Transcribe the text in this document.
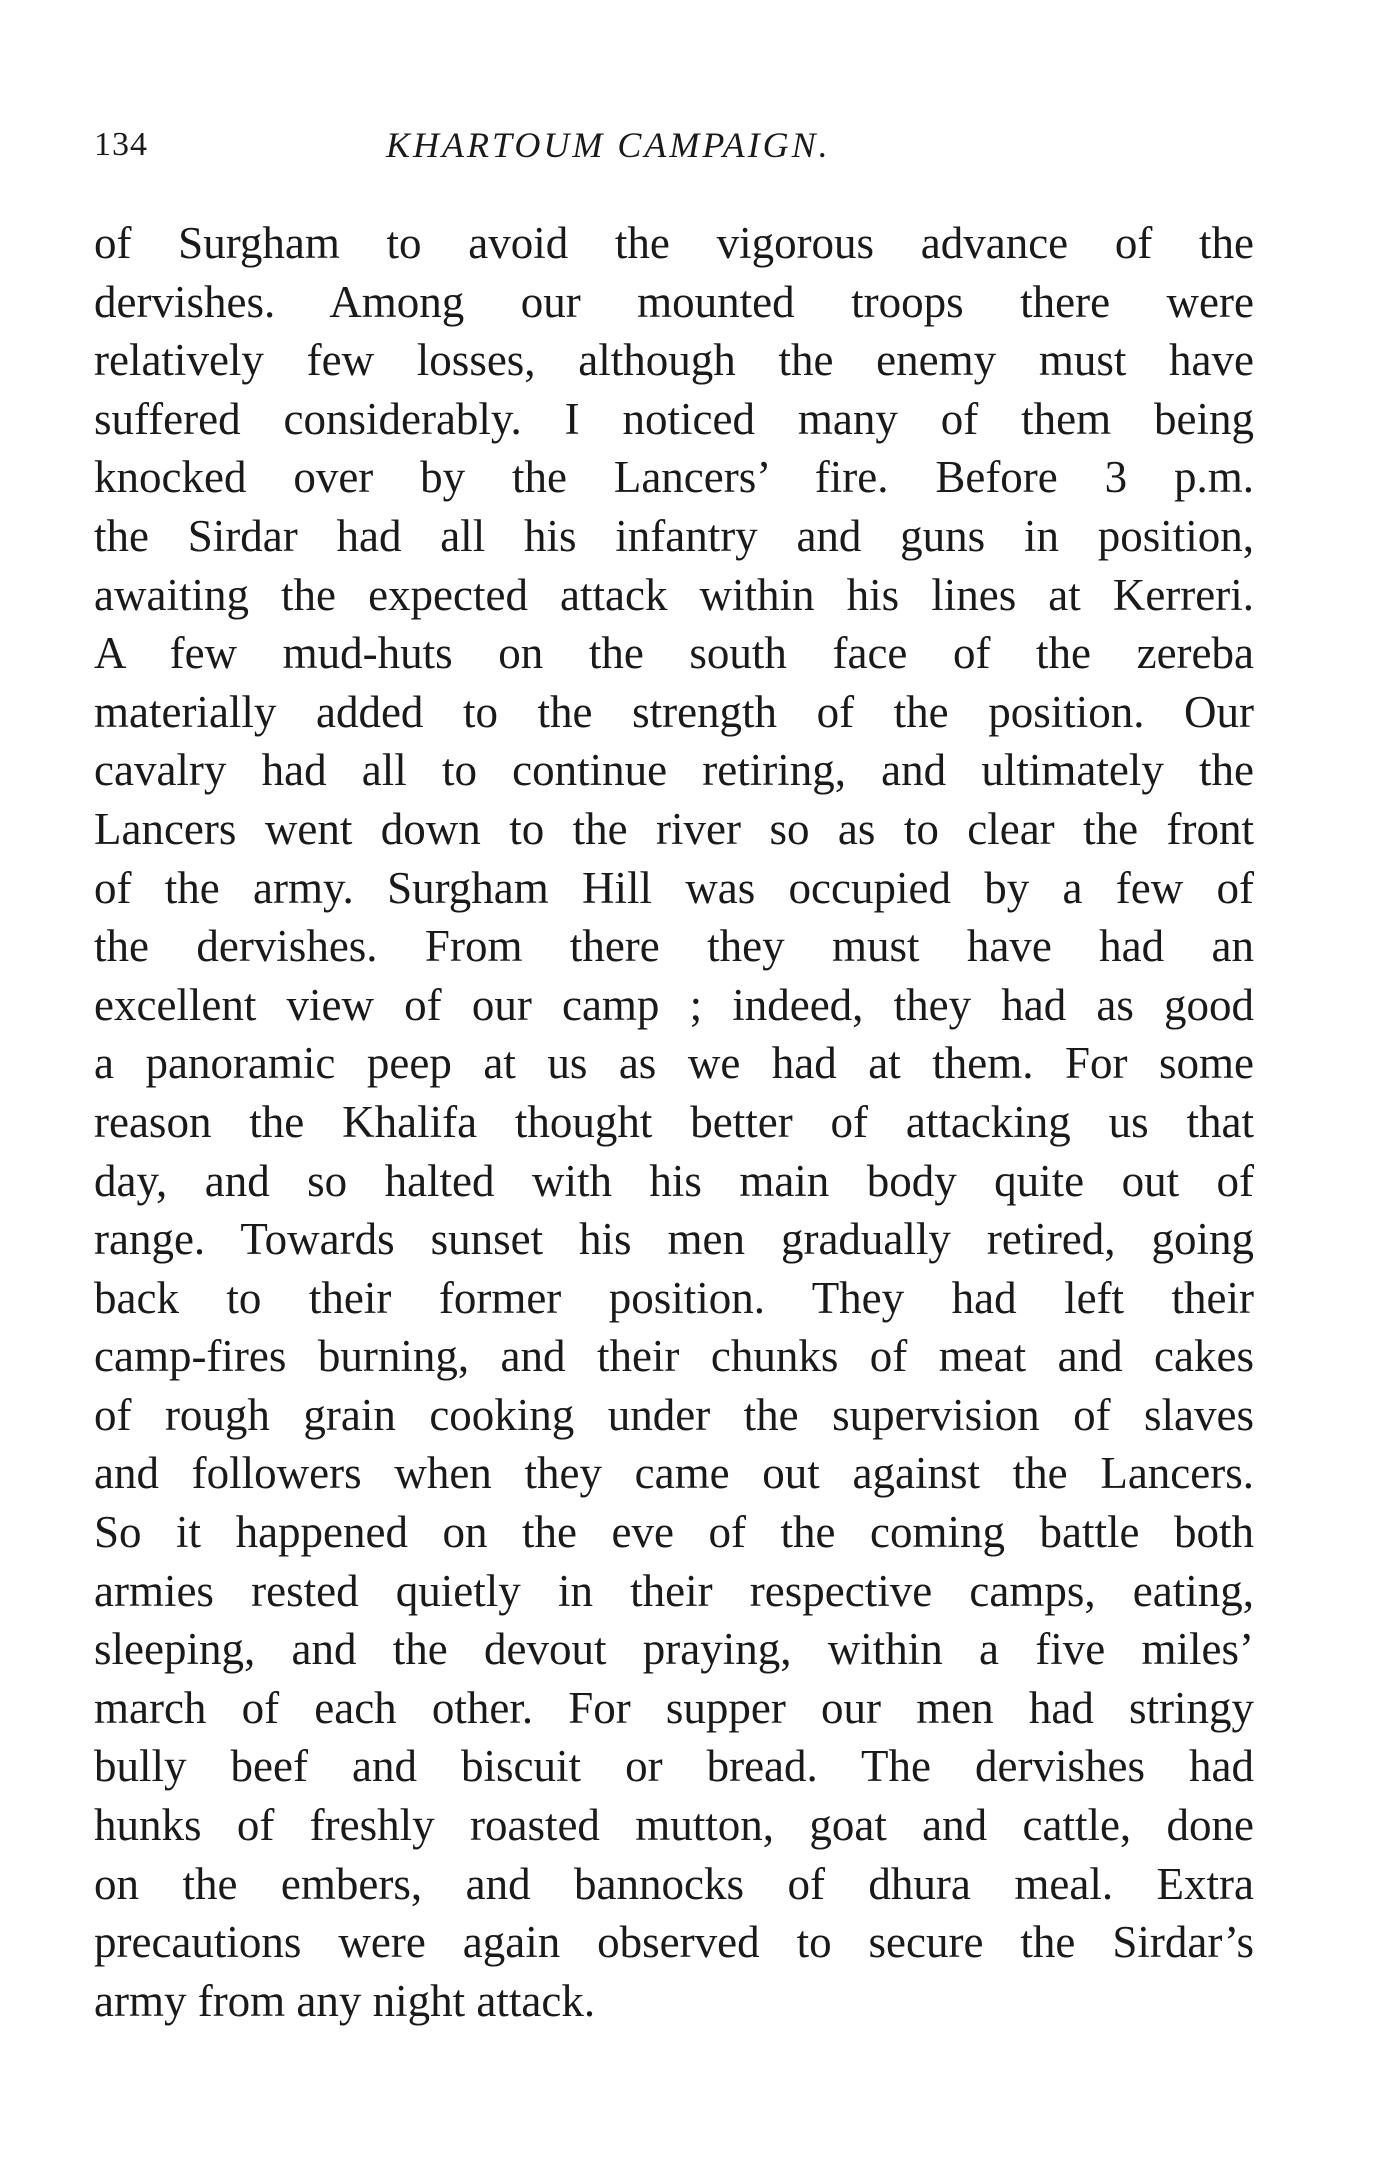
134	KHARTOUM CAMPAIGN.
of Surgham to avoid the vigorous advance of the
dervishes. Among our mounted troops there were
relatively few losses, although the enemy must have
suffered considerably. I noticed many of them being
knocked over by the Lancers’ fire. Before 3 p.m.
the Sirdar had all his infantry and guns in position,
awaiting the expected attack within his lines at Kerreri.
A few mud-huts on the south face of the zereba
materially added to the strength of the position. Our
cavalry had all to continue retiring, and ultimately the
Lancers went down to the river so as to clear the front
of the army. Surgham Hill was occupied by a few of
the dervishes. From there they must have had an
excellent view of our camp ; indeed, they had as good
a panoramic peep at us as we had at them. For some
reason the Khalifa thought better of attacking us that
day, and so halted with his main body quite out of
range. Towards sunset his men gradually retired, going
back to their former position. They had left their
camp-fires burning, and their chunks of meat and cakes
of rough grain cooking under the supervision of slaves
and followers when they came out against the Lancers.
So it happened on the eve of the coming battle both
armies rested quietly in their respective camps, eating,
sleeping, and the devout praying, within a five miles’
march of each other. For supper our men had stringy
bully beef and biscuit or bread. The dervishes had
hunks of freshly roasted mutton, goat and cattle, done
on the embers, and bannocks of dhura meal. Extra
precautions were again observed to secure the Sirdar’s
army from any night attack.
